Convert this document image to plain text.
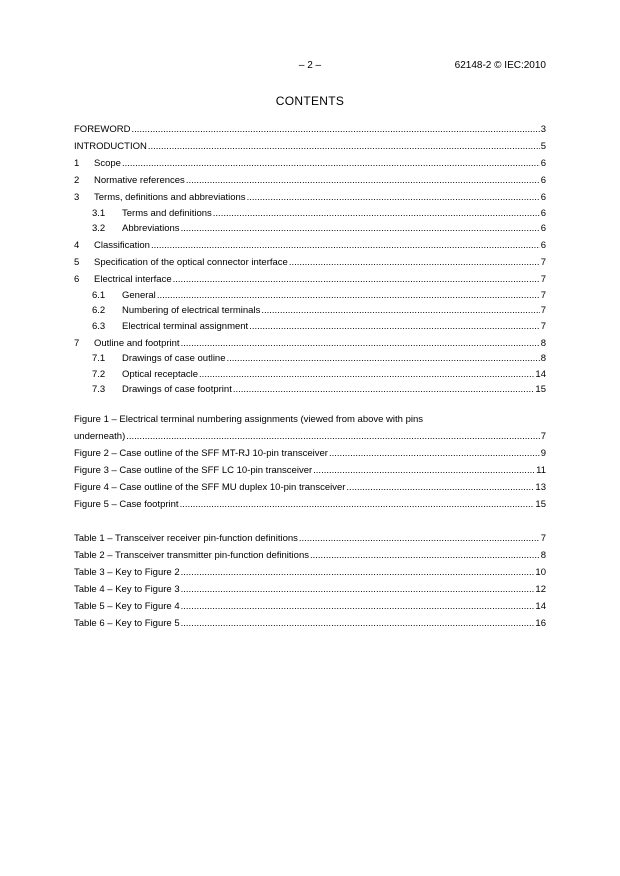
– 2 –	62148-2 © IEC:2010
CONTENTS
FOREWORD .....	3
INTRODUCTION .....	5
1	Scope .....	6
2	Normative references .....	6
3	Terms, definitions and abbreviations .....	6
3.1	Terms and definitions .....	6
3.2	Abbreviations .....	6
4	Classification .....	6
5	Specification of the optical connector interface .....	7
6	Electrical interface .....	7
6.1	General .....	7
6.2	Numbering of electrical terminals .....	7
6.3	Electrical terminal assignment .....	7
7	Outline and footprint .....	8
7.1	Drawings of case outline .....	8
7.2	Optical receptacle .....	14
7.3	Drawings of case footprint .....	15
Figure 1 – Electrical terminal numbering assignments (viewed from above with pins
underneath) .....	7
Figure 2 – Case outline of the SFF MT-RJ 10-pin transceiver .....	9
Figure 3 – Case outline of the SFF LC 10-pin transceiver .....	11
Figure 4 – Case outline of the SFF MU duplex 10-pin transceiver .....	13
Figure 5 – Case footprint .....	15
Table 1 – Transceiver receiver pin-function definitions .....	7
Table 2 – Transceiver transmitter pin-function definitions .....	8
Table 3 – Key to Figure 2 .....	10
Table 4 – Key to Figure 3 .....	12
Table 5 – Key to Figure 4 .....	14
Table 6 – Key to Figure 5 .....	16
